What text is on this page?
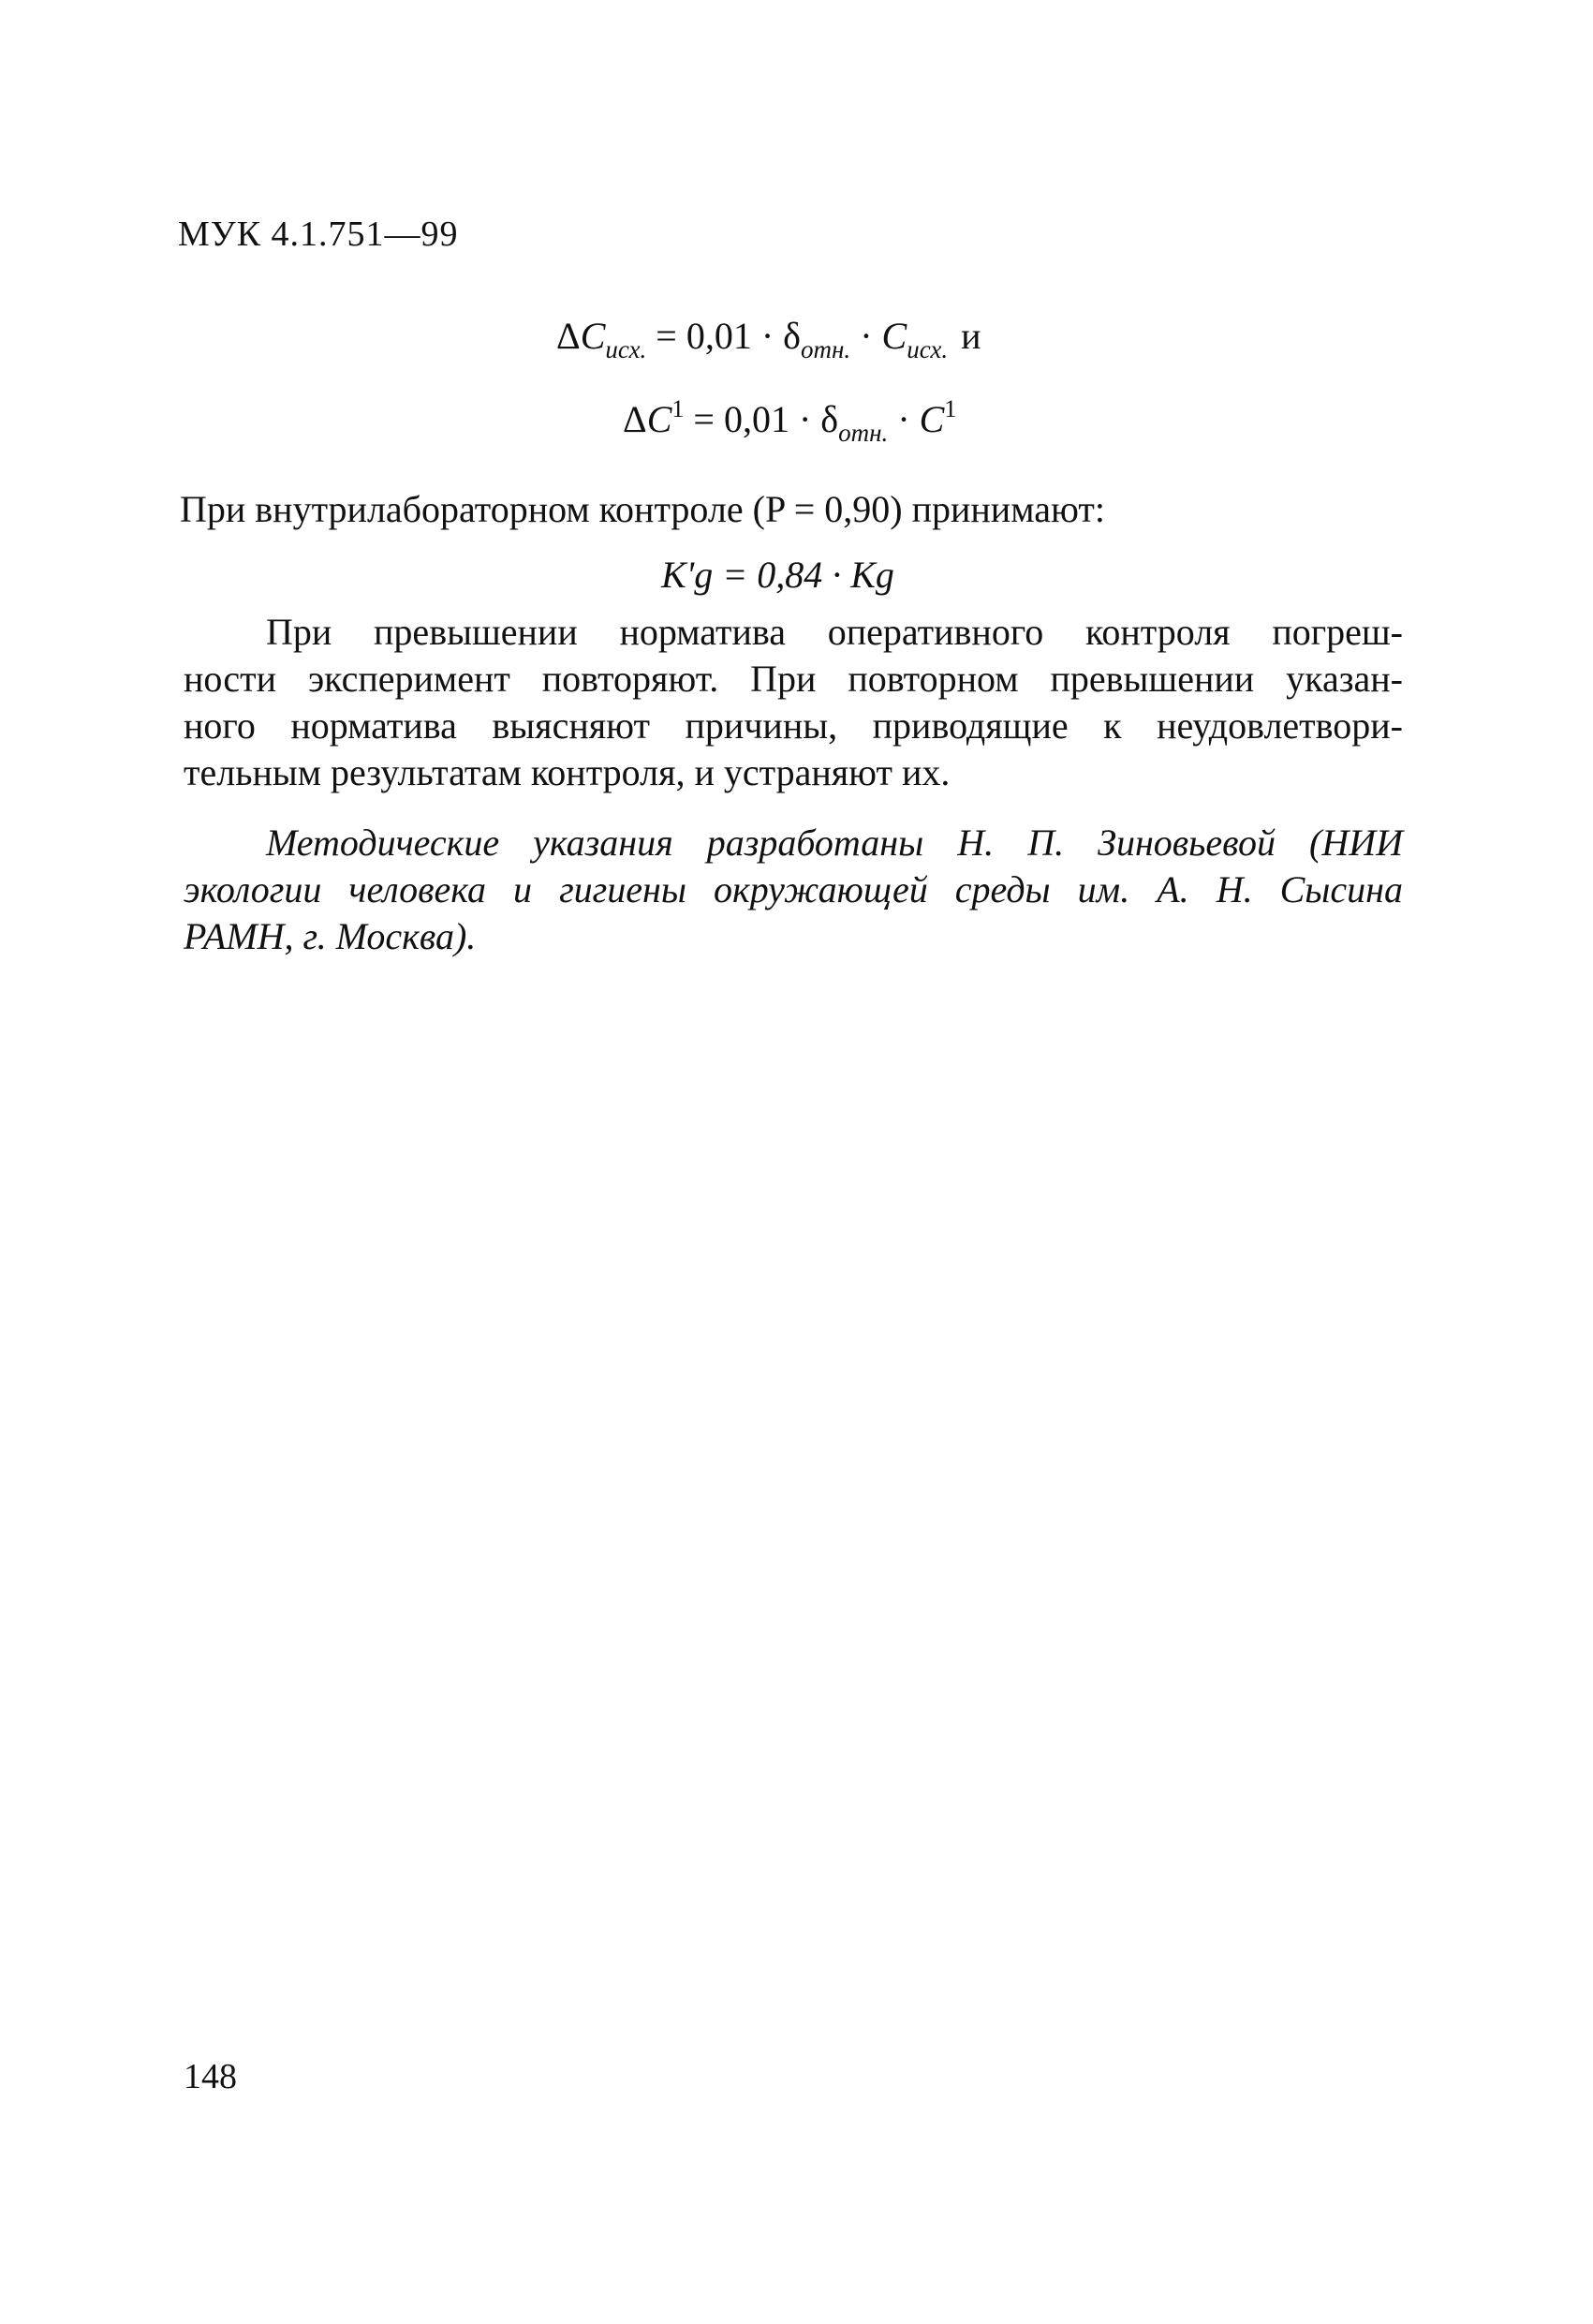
МУК 4.1.751—99
$\Delta C_{исх.} = 0,01 \cdot \delta_{отн.} \cdot C_{исх.}$ и
$\Delta C^1 = 0,01 \cdot \delta_{отн.} \cdot C^1$
При внутрилабораторном контроле (P = 0,90) принимают:
K'g = 0,84 · Kg
При превышении норматива оперативного контроля погреш-
ности эксперимент повторяют. При повторном превышении указан-
ного норматива выясняют причины, приводящие к неудовлетвори-
тельным результатам контроля, и устраняют их.
Методические указания разработаны Н. П. Зиновьевой (НИИ
экологии человека и гигиены окружающей среды им. А. Н. Сысина
РАМН, г. Москва).
148
